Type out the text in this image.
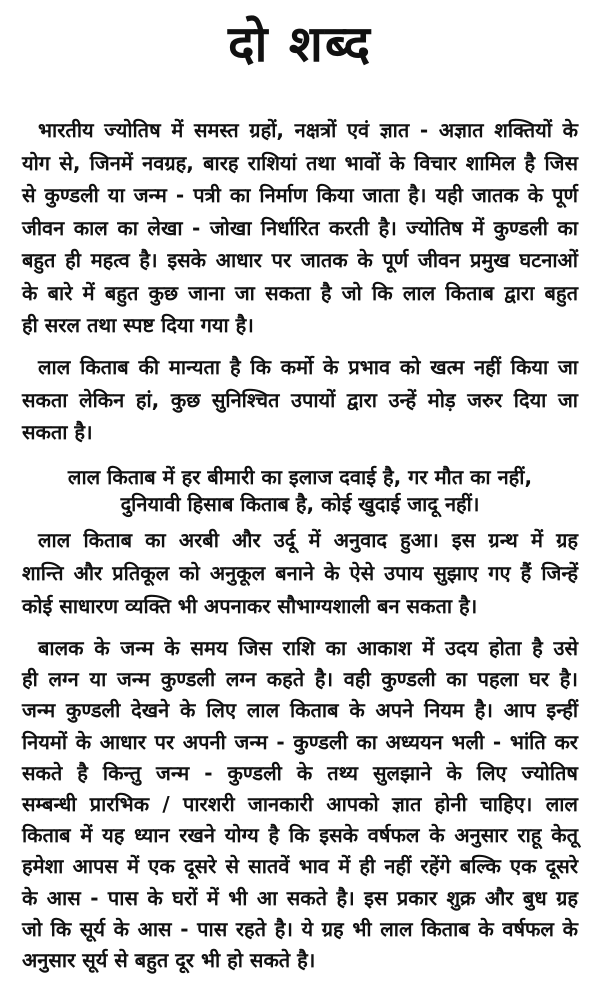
दो शब्द
भारतीय ज्योतिष में समस्त ग्रहों, नक्षत्रों एवं ज्ञात - अज्ञात शक्तियों के
योग से, जिनमें नवग्रह, बारह राशियां तथा भावों के विचार शामिल है जिस
से कुण्डली या जन्म - पत्री का निर्माण किया जाता है। यही जातक के पूर्ण
जीवन काल का लेखा - जोखा निर्धारित करती है। ज्योतिष में कुण्डली का
बहुत ही महत्व है। इसके आधार पर जातक के पूर्ण जीवन प्रमुख घटनाओं
के बारे में बहुत कुछ जाना जा सकता है जो कि लाल किताब द्वारा बहुत
ही सरल तथा स्पष्ट दिया गया है।
लाल किताब की मान्यता है कि कर्मो के प्रभाव को खत्म नहीं किया जा
सकता लेकिन हां, कुछ सुनिश्चित उपायों द्वारा उन्हें मोड़ जरुर दिया जा
सकता है।
लाल किताब में हर बीमारी का इलाज दवाई है, गर मौत का नहीं,
दुनियावी हिसाब किताब है, कोई खुदाई जादू नहीं।
लाल किताब का अरबी और उर्दू में अनुवाद हुआ। इस ग्रन्थ में ग्रह
शान्ति और प्रतिकूल को अनुकूल बनाने के ऐसे उपाय सुझाए गए हैं जिन्हें
कोई साधारण व्यक्ति भी अपनाकर सौभाग्यशाली बन सकता है।
बालक के जन्म के समय जिस राशि का आकाश में उदय होता है उसे
ही लग्न या जन्म कुण्डली लग्न कहते है। वही कुण्डली का पहला घर है।
जन्म कुण्डली देखने के लिए लाल किताब के अपने नियम है। आप इन्हीं
नियमों के आधार पर अपनी जन्म - कुण्डली का अध्ययन भली - भांति कर
सकते है किन्तु जन्म - कुण्डली के तथ्य सुलझाने के लिए ज्योतिष
सम्बन्धी प्रारभिक / पारशरी जानकारी आपको ज्ञात होनी चाहिए। लाल
किताब में यह ध्यान रखने योग्य है कि इसके वर्षफल के अनुसार राहू केतू
हमेशा आपस में एक दूसरे से सातवें भाव में ही नहीं रहेंगे बल्कि एक दूसरे
के आस - पास के घरों में भी आ सकते है। इस प्रकार शुक्र और बुध ग्रह
जो कि सूर्य के आस - पास रहते है। ये ग्रह भी लाल किताब के वर्षफल के
अनुसार सूर्य से बहुत दूर भी हो सकते है।
